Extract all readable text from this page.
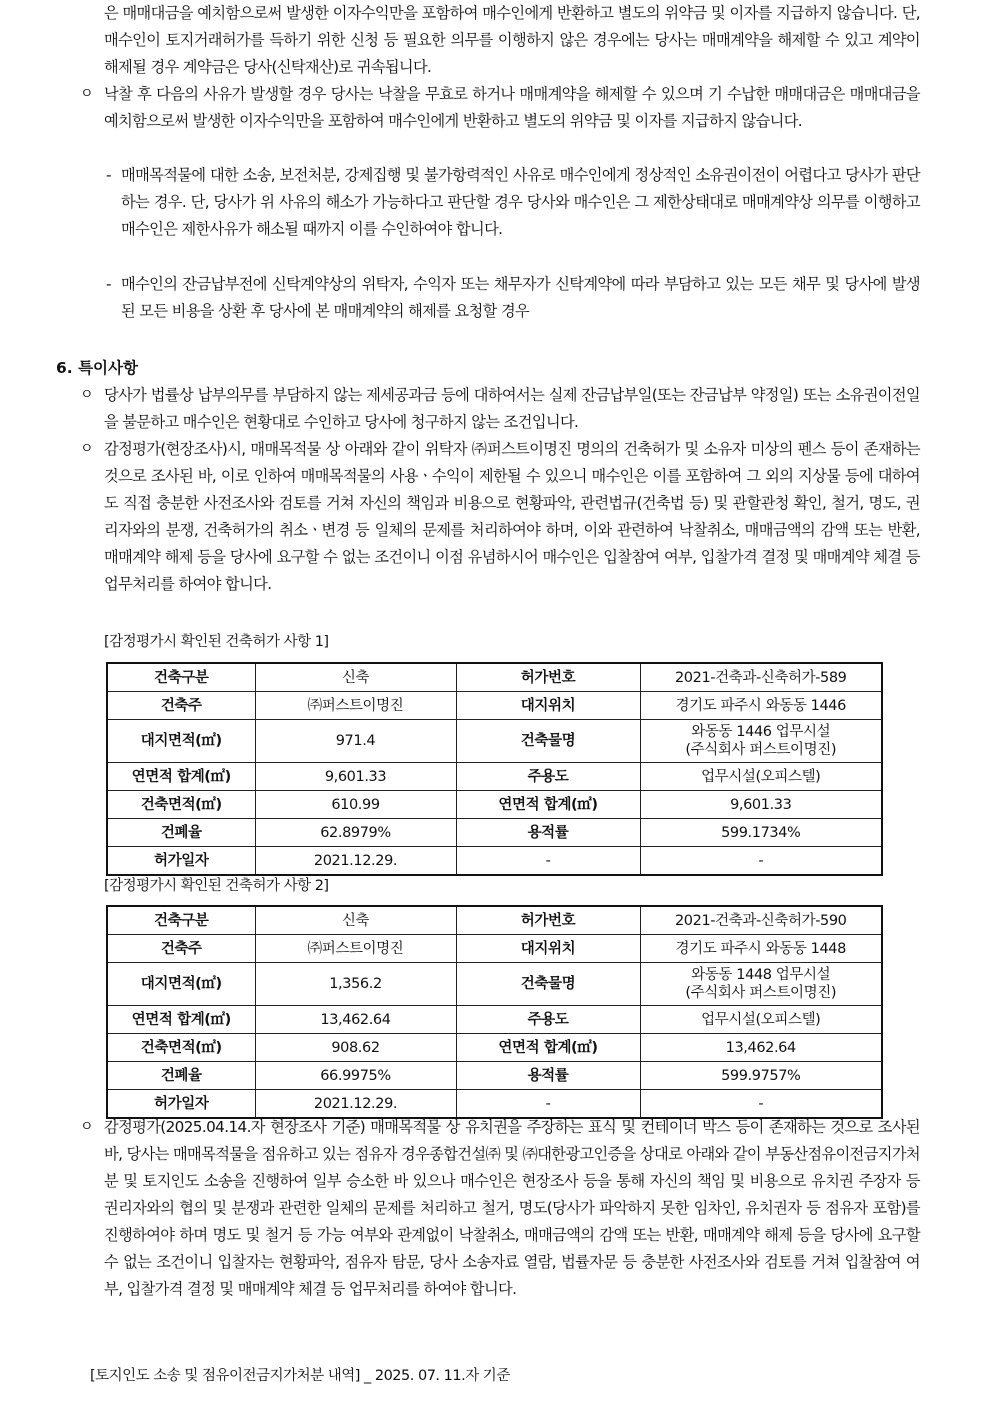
은 매매대금을 예치함으로써 발생한 이자수익만을 포함하여 매수인에게 반환하고 별도의 위약금 및 이자를 지급하지 않습니다. 단, 매수인이 토지거래허가를 득하기 위한 신청 등 필요한 의무를 이행하지 않은 경우에는 당사는 매매계약을 해제할 수 있고 계약이 해제될 경우 계약금은 당사(신탁재산)로 귀속됩니다.

ㅇ 낙찰 후 다음의 사유가 발생할 경우 당사는 낙찰을 무효로 하거나 매매계약을 해제할 수 있으며 기 수납한 매매대금은 매매대금을 예치함으로써 발생한 이자수익만을 포함하여 매수인에게 반환하고 별도의 위약금 및 이자를 지급하지 않습니다.

- 매매목적물에 대한 소송, 보전처분, 강제집행 및 불가항력적인 사유로 매수인에게 정상적인 소유권이전이 어렵다고 당사가 판단하는 경우. 단, 당사가 위 사유의 해소가 가능하다고 판단할 경우 당사와 매수인은 그 제한상태대로 매매계약상 의무를 이행하고 매수인은 제한사유가 해소될 때까지 이를 수인하여야 합니다.

- 매수인의 잔금납부전에 신탁계약상의 위탁자, 수익자 또는 채무자가 신탁계약에 따라 부담하고 있는 모든 채무 및 당사에 발생된 모든 비용을 상환 후 당사에 본 매매계약의 해제를 요청할 경우

6. 특이사항

ㅇ 당사가 법률상 납부의무를 부담하지 않는 제세공과금 등에 대하여서는 실제 잔금납부일(또는 잔금납부 약정일) 또는 소유권이전일을 불문하고 매수인은 현황대로 수인하고 당사에 청구하지 않는 조건입니다.

ㅇ 감정평가(현장조사)시, 매매목적물 상 아래와 같이 위탁자 ㈜퍼스트이명진 명의의 건축허가 및 소유자 미상의 펜스 등이 존재하는 것으로 조사된 바, 이로 인하여 매매목적물의 사용ㆍ수익이 제한될 수 있으니 매수인은 이를 포함하여 그 외의 지상물 등에 대하여도 직접 충분한 사전조사와 검토를 거쳐 자신의 책임과 비용으로 현황파악, 관련법규(건축법 등) 및 관할관청 확인, 철거, 명도, 권리자와의 분쟁, 건축허가의 취소ㆍ변경 등 일체의 문제를 처리하여야 하며, 이와 관련하여 낙찰취소, 매매금액의 감액 또는 반환, 매매계약 해제 등을 당사에 요구할 수 없는 조건이니 이점 유념하시어 매수인은 입찰참여 여부, 입찰가격 결정 및 매매계약 체결 등 업무처리를 하여야 합니다.

[감정평가시 확인된 건축허가 사항 1]

건축구분	신축	허가번호	2021-건축과-신축허가-589
건축주	㈜퍼스트이명진	대지위치	경기도 파주시 와동동 1446
대지면적(㎡)	971.4	건축물명	와동동 1446 업무시설
(주식회사 퍼스트이명진)

연면적 합계(㎡)	9,601.33	주용도	업무시설(오피스텔)
건축면적(㎡)	610.99	연면적 합계(㎡)	9,601.33
건폐율	62.8979%	용적률	599.1734%
허가일자	2021.12.29.	-	-

[감정평가시 확인된 건축허가 사항 2]

건축구분	신축	허가번호	2021-건축과-신축허가-590
건축주	㈜퍼스트이명진	대지위치	경기도 파주시 와동동 1448
대지면적(㎡)	1,356.2	건축물명	와동동 1448 업무시설
(주식회사 퍼스트이명진)

연면적 합계(㎡)	13,462.64	주용도	업무시설(오피스텔)
건축면적(㎡)	908.62	연면적 합계(㎡)	13,462.64
건폐율	66.9975%	용적률	599.9757%
허가일자	2021.12.29.	-	-
ㅇ 감정평가(2025.04.14.자 현장조사 기준) 매매목적물 상 유치권을 주장하는 표식 및 컨테이너 박스 등이 존재하는 것으로 조사된 바, 당사는 매매목적물을 점유하고 있는 점유자 경우종합건설㈜ 및 ㈜대한광고인증을 상대로 아래와 같이 부동산점유이전금지가처분 및 토지인도 소송을 진행하여 일부 승소한 바 있으나 매수인은 현장조사 등을 통해 자신의 책임 및 비용으로 유치권 주장자 등 권리자와의 협의 및 분쟁과 관련한 일체의 문제를 처리하고 철거, 명도(당사가 파악하지 못한 임차인, 유치권자 등 점유자 포함)를 진행하여야 하며 명도 및 철거 등 가능 여부와 관계없이 낙찰취소, 매매금액의 감액 또는 반환, 매매계약 해제 등을 당사에 요구할 수 없는 조건이니 입찰자는 현황파악, 점유자 탐문, 당사 소송자료 열람, 법률자문 등 충분한 사전조사와 검토를 거쳐 입찰참여 여부, 입찰가격 결정 및 매매계약 체결 등 업무처리를 하여야 합니다.

[토지인도 소송 및 점유이전금지가처분 내역] _ 2025. 07. 11.자 기준
